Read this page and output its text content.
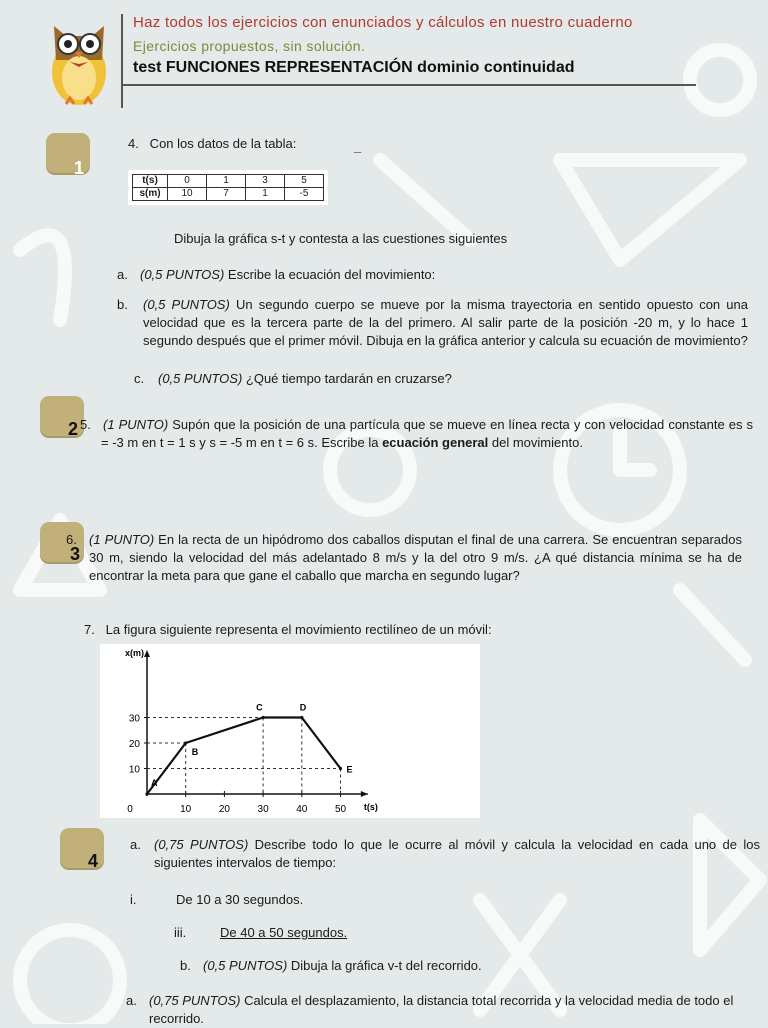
Haz todos los ejercicios con enunciados y cálculos en nuestro cuaderno
Ejercicios propuestos, sin solución.
test FUNCIONES REPRESENTACIÓN dominio continuidad
1
2
3
4
4.   Con los datos de la tabla:	_
t(s)	0	1	3	5
s(m)	10	7	1	-5
Dibuja la gráfica s-t y contesta a las cuestiones siguientes
a. (0,5 PUNTOS) Escribe la ecuación del movimiento:
b. (0,5 PUNTOS) Un segundo cuerpo se mueve por la misma trayectoria en sentido opuesto con una velocidad que es la tercera parte de la del primero. Al salir parte de la posición -20 m, y lo hace 1 segundo después que el primer móvil. Dibuja en la gráfica anterior y calcula su ecuación de movimiento?
c. (0,5 PUNTOS) ¿Qué tiempo tardarán en cruzarse?
5. (1 PUNTO) Supón que la posición de una partícula que se mueve en línea recta y con velocidad constante es s = -3 m en t = 1 s y s = -5 m en t = 6 s. Escribe la ecuación general del movimiento.
6. (1 PUNTO) En la recta de un hipódromo dos caballos disputan el final de una carrera. Se encuentran separados 30 m, siendo la velocidad del más adelantado 8 m/s y la del otro 9 m/s. ¿A qué distancia mínima se ha de encontrar la meta para que gane el caballo que marcha en segundo lugar?
7.   La figura siguiente representa el movimiento rectilíneo de un móvil:
x(m)
t(s)
0	10	20	30	40	50
10
20
30
A
B
C	D
E
a. (0,75 PUNTOS) Describe todo lo que le ocurre al móvil y calcula la velocidad en cada uno de los siguientes intervalos de tiempo:
i.	De 10 a 30 segundos.
iii.	De 40 a 50 segundos.
b. (0,5 PUNTOS) Dibuja la gráfica v-t del recorrido.
a. (0,75 PUNTOS) Calcula el desplazamiento, la distancia total recorrida y la velocidad media de todo el recorrido.
